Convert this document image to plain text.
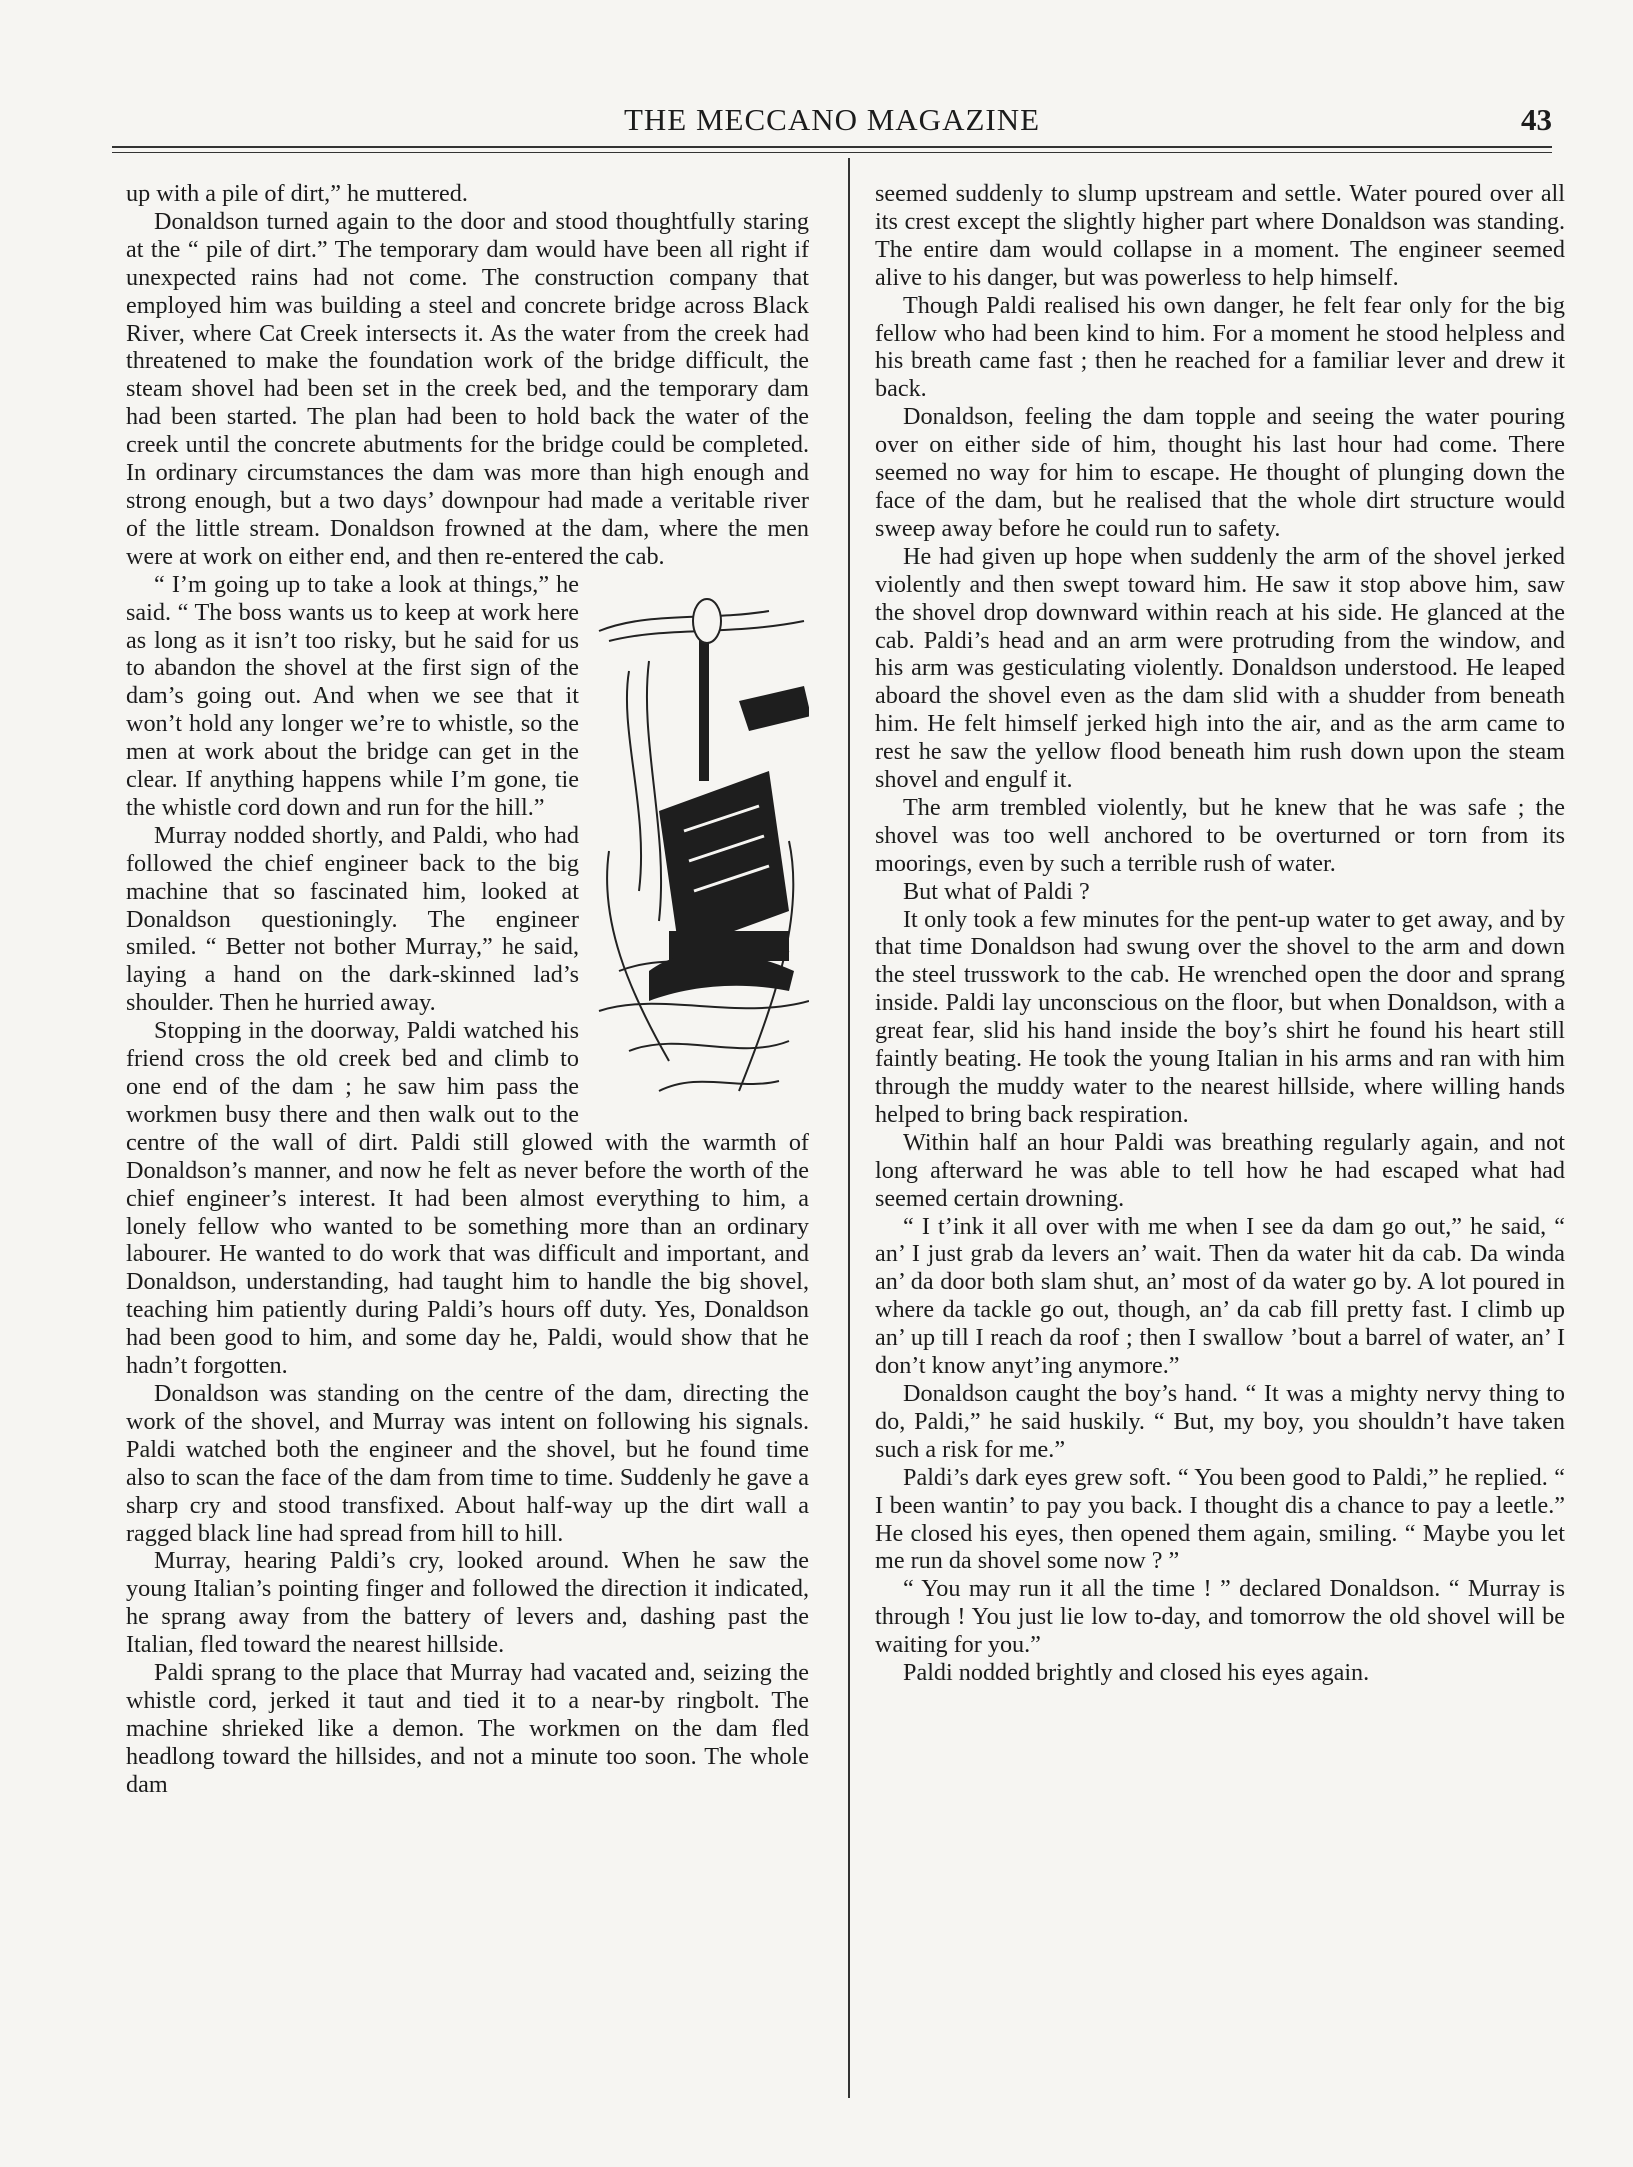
THE MECCANO MAGAZINE	43

up with a pile of dirt,” he muttered.

Donaldson turned again to the door and stood thoughtfully staring at the “ pile of dirt.” The temporary dam would have been all right if unexpected rains had not come. The construction company that employed him was building a steel and concrete bridge across Black River, where Cat Creek intersects it. As the water from the creek had threatened to make the foundation work of the bridge difficult, the steam shovel had been set in the creek bed, and the temporary dam had been started. The plan had been to hold back the water of the creek until the concrete abutments for the bridge could be completed. In ordinary circumstances the dam was more than high enough and strong enough, but a two days’ downpour had made a veritable river of the little stream. Donaldson frowned at the dam, where the men were at work on either end, and then re-entered the cab.

“ I’m going up to take a look at things,” he said. “ The boss wants us to keep at work here as long as it isn’t too risky, but he said for us to abandon the shovel at the first sign of the dam’s going out. And when we see that it won’t hold any longer we’re to whistle, so the men at work about the bridge can get in the clear. If anything happens while I’m gone, tie the whistle cord down and run for the hill.”

Murray nodded shortly, and Paldi, who had followed the chief engineer back to the big machine that so fascinated him, looked at Donaldson questioningly. The engineer smiled. “ Better not bother Murray,” he said, laying a hand on the dark-skinned lad’s shoulder. Then he hurried away.

Stopping in the doorway, Paldi watched his friend cross the old creek bed and climb to one end of the dam ; he saw him pass the workmen busy there and then walk out to the centre of the wall of dirt. Paldi still glowed with the warmth of Donaldson’s manner, and now he felt as never before the worth of the chief engineer’s interest. It had been almost everything to him, a lonely fellow who wanted to be something more than an ordinary labourer. He wanted to do work that was difficult and important, and Donaldson, understanding, had taught him to handle the big shovel, teaching him patiently during Paldi’s hours off duty. Yes, Donaldson had been good to him, and some day he, Paldi, would show that he hadn’t forgotten.

Donaldson was standing on the centre of the dam, directing the work of the shovel, and Murray was intent on following his signals. Paldi watched both the engineer and the shovel, but he found time also to scan the face of the dam from time to time. Suddenly he gave a sharp cry and stood transfixed. About half-way up the dirt wall a ragged black line had spread from hill to hill.

Murray, hearing Paldi’s cry, looked around. When he saw the young Italian’s pointing finger and followed the direction it indicated, he sprang away from the battery of levers and, dashing past the Italian, fled toward the nearest hillside.

Paldi sprang to the place that Murray had vacated and, seizing the whistle cord, jerked it taut and tied it to a near-by ringbolt. The machine shrieked like a demon. The workmen on the dam fled headlong toward the hillsides, and not a minute too soon. The whole dam

seemed suddenly to slump upstream and settle. Water poured over all its crest except the slightly higher part where Donaldson was standing. The entire dam would collapse in a moment. The engineer seemed alive to his danger, but was powerless to help himself.

Though Paldi realised his own danger, he felt fear only for the big fellow who had been kind to him. For a moment he stood helpless and his breath came fast ; then he reached for a familiar lever and drew it back.

Donaldson, feeling the dam topple and seeing the water pouring over on either side of him, thought his last hour had come. There seemed no way for him to escape. He thought of plunging down the face of the dam, but he realised that the whole dirt structure would sweep away before he could run to safety.

He had given up hope when suddenly the arm of the shovel jerked violently and then swept toward him. He saw it stop above him, saw the shovel drop downward within reach at his side. He glanced at the cab. Paldi’s head and an arm were protruding from the window, and his arm was gesticulating violently. Donaldson understood. He leaped aboard the shovel even as the dam slid with a shudder from beneath him. He felt himself jerked high into the air, and as the arm came to rest he saw the yellow flood beneath him rush down upon the steam shovel and engulf it.

The arm trembled violently, but he knew that he was safe ; the shovel was too well anchored to be overturned or torn from its moorings, even by such a terrible rush of water.

But what of Paldi ?

It only took a few minutes for the pent-up water to get away, and by that time Donaldson had swung over the shovel to the arm and down the steel trusswork to the cab. He wrenched open the door and sprang inside. Paldi lay unconscious on the floor, but when Donaldson, with a great fear, slid his hand inside the boy’s shirt he found his heart still faintly beating. He took the young Italian in his arms and ran with him through the muddy water to the nearest hillside, where willing hands helped to bring back respiration.

Within half an hour Paldi was breathing regularly again, and not long afterward he was able to tell how he had escaped what had seemed certain drowning.

“ I t’ink it all over with me when I see da dam go out,” he said, “ an’ I just grab da levers an’ wait. Then da water hit da cab. Da winda an’ da door both slam shut, an’ most of da water go by. A lot poured in where da tackle go out, though, an’ da cab fill pretty fast. I climb up an’ up till I reach da roof ; then I swallow ’bout a barrel of water, an’ I don’t know anyt’ing anymore.”

Donaldson caught the boy’s hand. “ It was a mighty nervy thing to do, Paldi,” he said huskily. “ But, my boy, you shouldn’t have taken such a risk for me.”

Paldi’s dark eyes grew soft. “ You been good to Paldi,” he replied. “ I been wantin’ to pay you back. I thought dis a chance to pay a leetle.” He closed his eyes, then opened them again, smiling. “ Maybe you let me run da shovel some now ? ”

“ You may run it all the time ! ” declared Donaldson. “ Murray is through ! You just lie low to-day, and tomorrow the old shovel will be waiting for you.”

Paldi nodded brightly and closed his eyes again.
